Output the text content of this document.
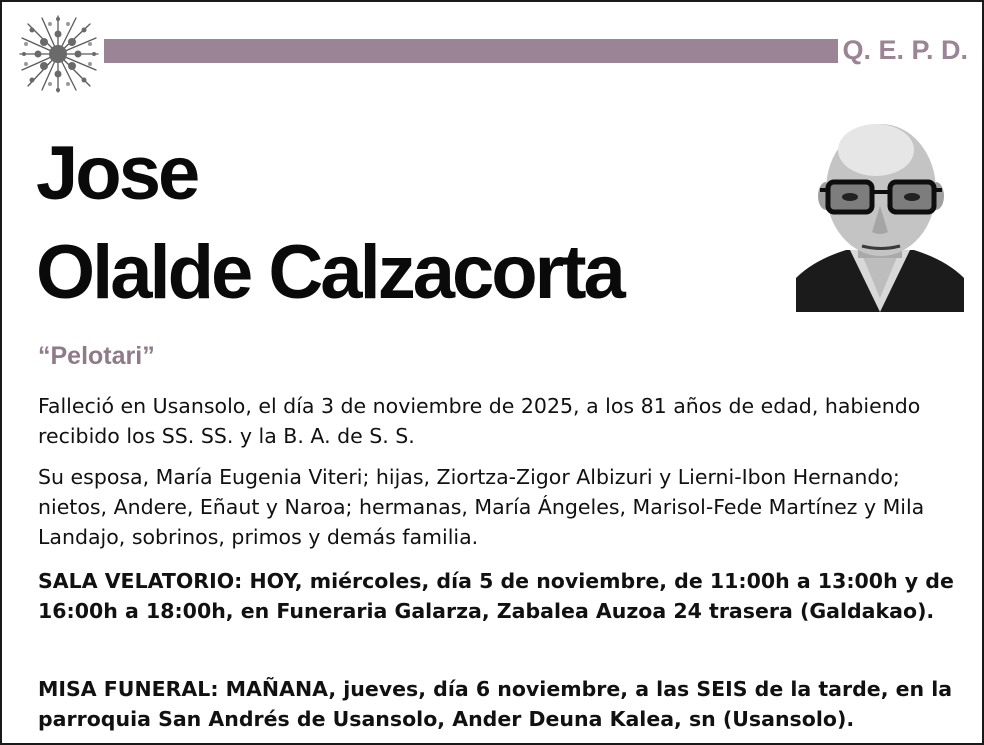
Q. E. P. D.
Jose
Olalde Calzacorta
“Pelotari”

Falleció en Usansolo, el día 3 de noviembre de 2025, a los 81 años de edad, habiendo recibido los SS. SS. y la B. A. de S. S.

Su esposa, María Eugenia Viteri; hijas, Ziortza-Zigor Albizuri y Lierni-Ibon Hernando; nietos, Andere, Eñaut y Naroa; hermanas, María Ángeles, Marisol-Fede Martínez y Mila Landajo, sobrinos, primos y demás familia.

SALA VELATORIO: HOY, miércoles, día 5 de noviembre, de 11:00h a 13:00h y de 16:00h a 18:00h, en Funeraria Galarza, Zabalea Auzoa 24 trasera (Galdakao).

MISA FUNERAL: MAÑANA, jueves, día 6 noviembre, a las SEIS de la tarde, en la parroquia San Andrés de Usansolo, Ander Deuna Kalea, sn (Usansolo).
